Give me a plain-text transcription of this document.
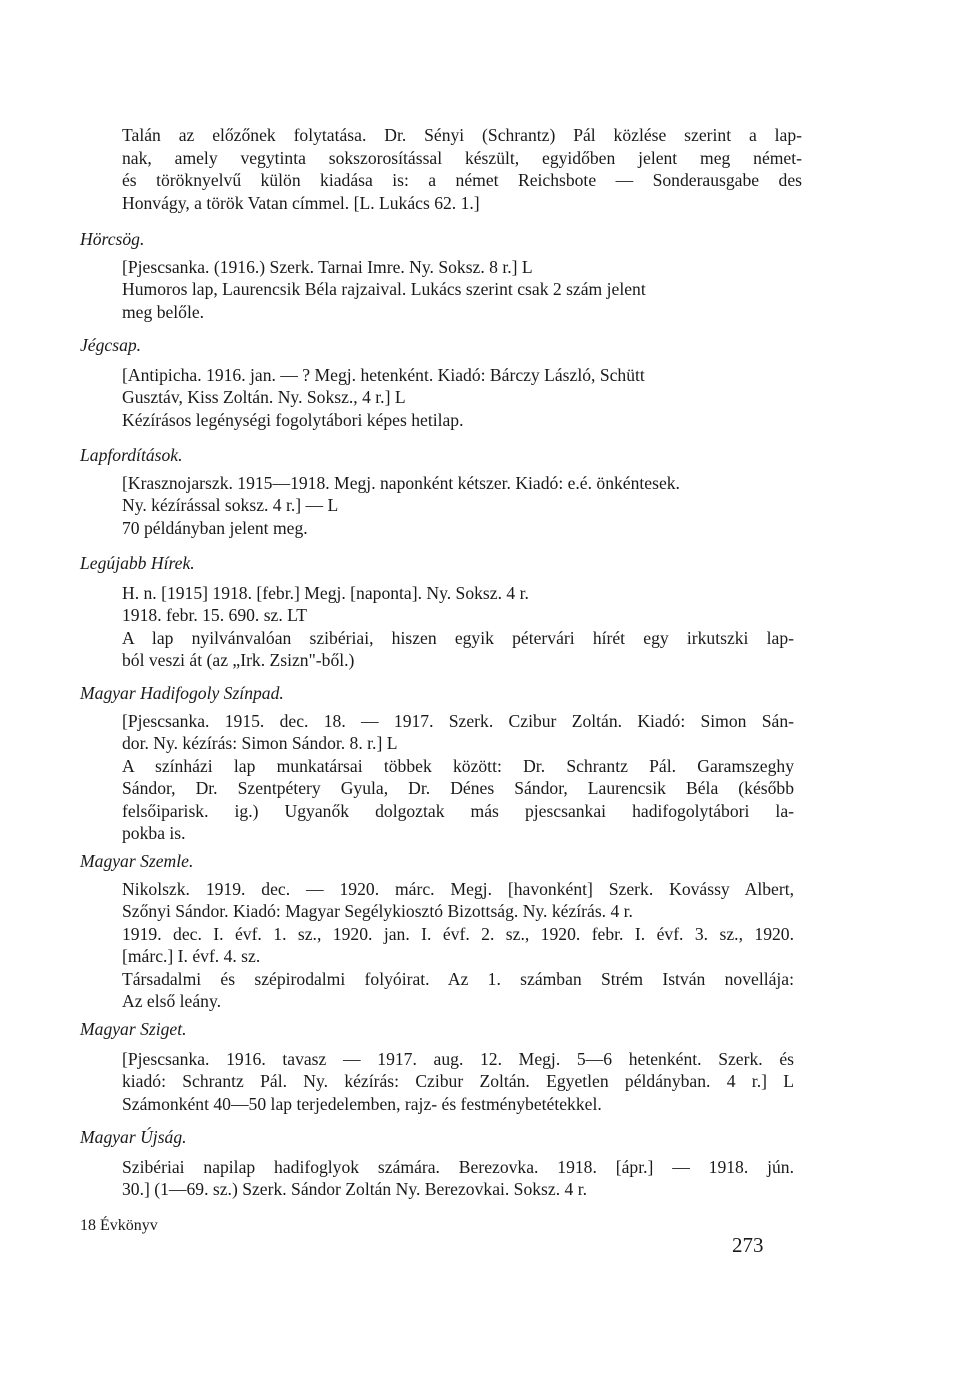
Talán az előzőnek folytatása. Dr. Sényi (Schrantz) Pál közlése szerint a lap-
nak, amely vegytinta sokszorosítással készült, egyidőben jelent meg német-
és töröknyelvű külön kiadása is: a német Reichsbote — Sonderausgabe des
Honvágy, a török Vatan címmel. [L. Lukács 62. 1.]
Hörcsög.
[Pjescsanka. (1916.) Szerk. Tarnai Imre. Ny. Soksz. 8 r.] L
Humoros lap, Laurencsik Béla rajzaival. Lukács szerint csak 2 szám jelent
meg belőle.
Jégcsap.
[Antipicha. 1916. jan. — ? Megj. hetenként. Kiadó: Bárczy László, Schütt
Gusztáv, Kiss Zoltán. Ny. Soksz., 4 r.] L
Kézírásos legénységi fogolytábori képes hetilap.
Lapfordítások.
[Krasznojarszk. 1915—1918. Megj. naponként kétszer. Kiadó: e.é. önkéntesek.
Ny. kézírással soksz. 4 r.] — L
70 példányban jelent meg.
Legújabb Hírek.
H. n. [1915] 1918. [febr.] Megj. [naponta]. Ny. Soksz. 4 r.
1918. febr. 15. 690. sz. LT
A lap nyilvánvalóan szibériai, hiszen egyik pétervári hírét egy irkutszki lap-
ból veszi át (az „Irk. Zsizn"-ből.)
Magyar Hadifogoly Színpad.
[Pjescsanka. 1915. dec. 18. — 1917. Szerk. Czibur Zoltán. Kiadó: Simon Sán-
dor. Ny. kézírás: Simon Sándor. 8. r.] L
A színházi lap munkatársai többek között: Dr. Schrantz Pál. Garamszeghy
Sándor, Dr. Szentpétery Gyula, Dr. Dénes Sándor, Laurencsik Béla (később
felsőiparisk. ig.) Ugyanők dolgoztak más pjescsankai hadifogolytábori la-
pokba is.
Magyar Szemle.
Nikolszk. 1919. dec. — 1920. márc. Megj. [havonként] Szerk. Kovássy Albert,
Szőnyi Sándor. Kiadó: Magyar Segélykiosztó Bizottság. Ny. kézírás. 4 r.
1919. dec. I. évf. 1. sz., 1920. jan. I. évf. 2. sz., 1920. febr. I. évf. 3. sz., 1920.
[márc.] I. évf. 4. sz.
Társadalmi és szépirodalmi folyóirat. Az 1. számban Strém István novellája:
Az első leány.
Magyar Sziget.
[Pjescsanka. 1916. tavasz — 1917. aug. 12. Megj. 5—6 hetenként. Szerk. és
kiadó: Schrantz Pál. Ny. kézírás: Czibur Zoltán. Egyetlen példányban. 4 r.] L
Számonként 40—50 lap terjedelemben, rajz- és festménybetétekkel.
Magyar Újság.
Szibériai napilap hadifoglyok számára. Berezovka. 1918. [ápr.] — 1918. jún.
30.] (1—69. sz.) Szerk. Sándor Zoltán Ny. Berezovkai. Soksz. 4 r.
18 Évkönyv
273
